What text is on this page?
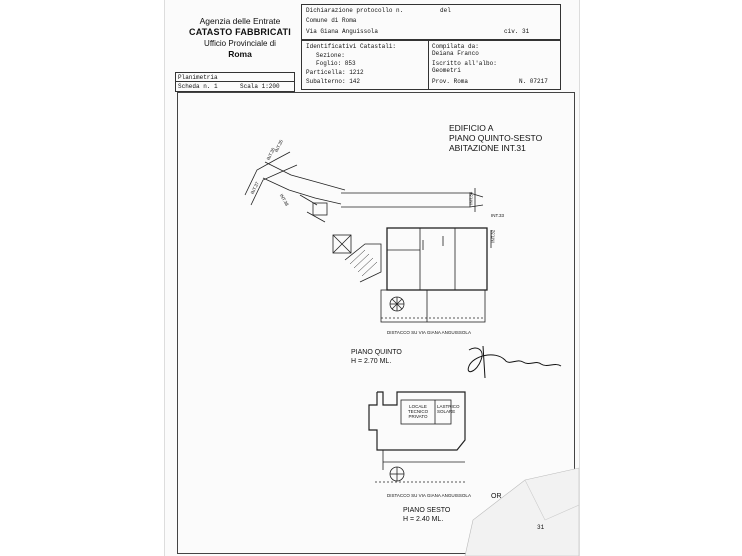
Agenzia delle Entrate
CATASTO FABBRICATI
Ufficio Provinciale di
Roma
Dichiarazione protocollo n.	del
Comune di Roma
Via Giana Anguissola	civ. 31
Identificativi Catastali:
Sezione:
Foglio: 853
Particella: 1212
Subalterno: 142
Compilata da:
Deiana Franco
Iscritto all'albo:
Geometri
Prov. Roma	N. 07217
Planimetria
Scheda n. 1	Scala 1:200
EDIFICIO A
PIANO QUINTO-SESTO
ABITAZIONE INT.31
INT.36
INT.35
INT.37
INT.38	INT.34
INT.33
INT.32
DISTACCO SU VIA GIANA ANGUISSOLA
LOCALE TECNICO PRIVATO
LASTRICO SOLARE
DISTACCO SU VIA GIANA ANGUISSOLA
PIANO QUINTO
H = 2.70 ML.
PIANO SESTO
H = 2.40 ML.
OR
31
